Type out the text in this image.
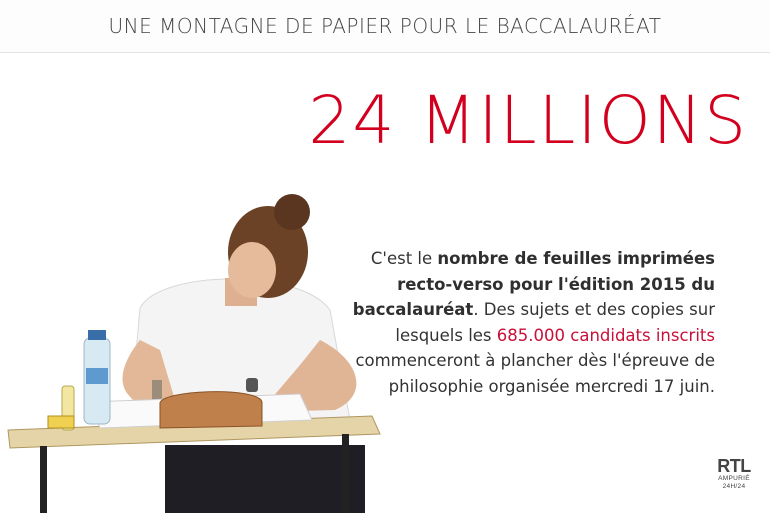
UNE MONTAGNE DE PAPIER POUR LE BACCALAURÉAT
24 MILLIONS
C'est le nombre de feuilles imprimées recto-verso pour l'édition 2015 du baccalauréat. Des sujets et des copies sur lesquels les 685.000 candidats inscrits commenceront à plancher dès l'épreuve de philosophie organisée mercredi 17 juin.
RTL
AMPURIÉ
24H/24
